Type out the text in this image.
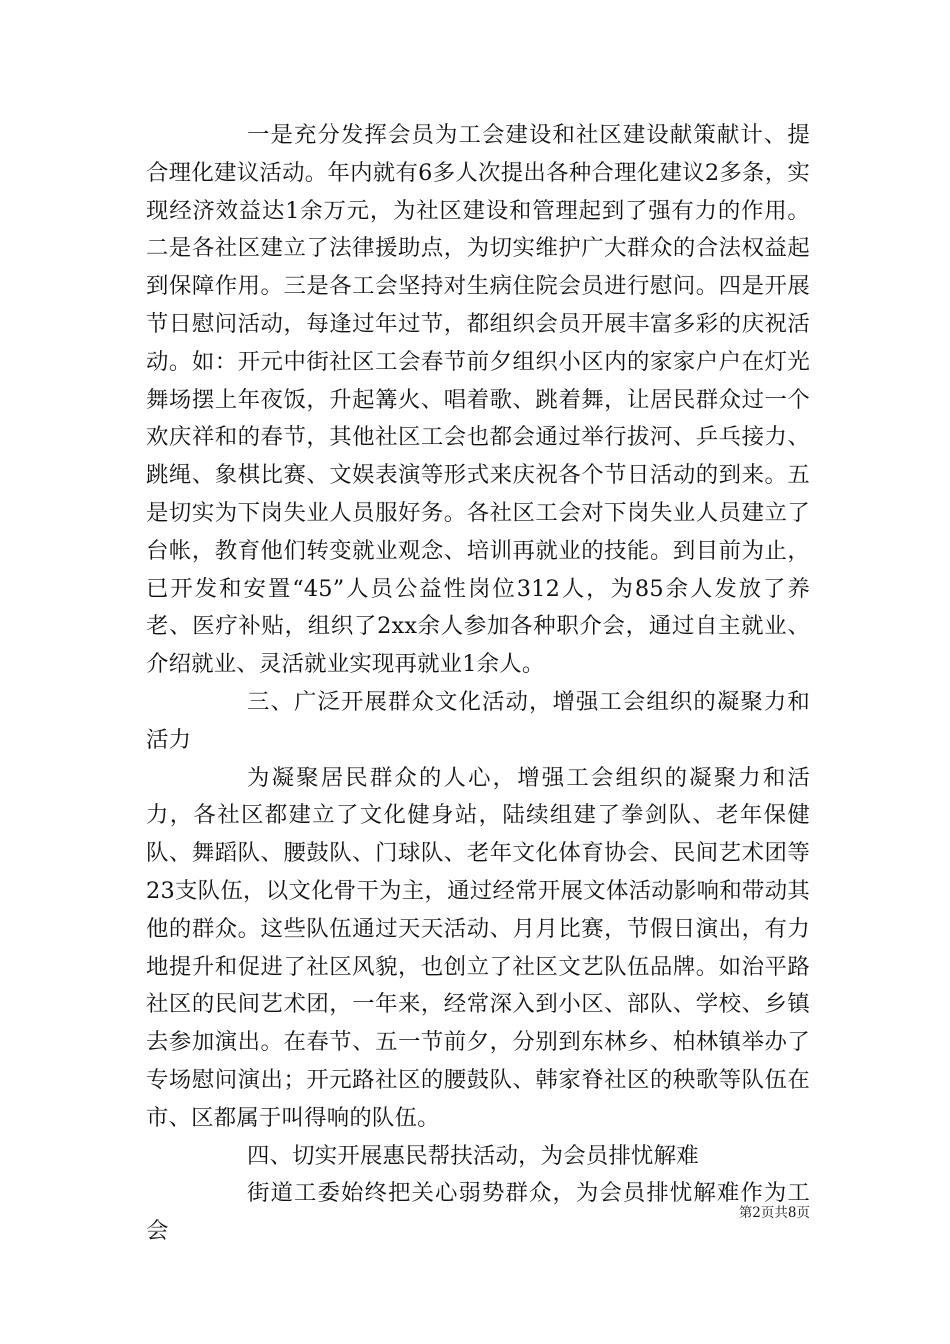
一是充分发挥会员为工会建设和社区建设献策献计、提合理化建议活动。年内就有6多人次提出各种合理化建议2多条，实现经济效益达1余万元，为社区建设和管理起到了强有力的作用。二是各社区建立了法律援助点，为切实维护广大群众的合法权益起到保障作用。三是各工会坚持对生病住院会员进行慰问。四是开展节日慰问活动，每逢过年过节，都组织会员开展丰富多彩的庆祝活动。如：开元中街社区工会春节前夕组织小区内的家家户户在灯光舞场摆上年夜饭，升起篝火、唱着歌、跳着舞，让居民群众过一个欢庆祥和的春节，其他社区工会也都会通过举行拔河、乒乓接力、跳绳、象棋比赛、文娱表演等形式来庆祝各个节日活动的到来。五是切实为下岗失业人员服好务。各社区工会对下岗失业人员建立了台帐，教育他们转变就业观念、培训再就业的技能。到目前为止，已开发和安置“45”人员公益性岗位312人，为85余人发放了养老、医疗补贴，组织了2xx余人参加各种职介会，通过自主就业、介绍就业、灵活就业实现再就业1余人。

三、广泛开展群众文化活动，增强工会组织的凝聚力和活力

为凝聚居民群众的人心，增强工会组织的凝聚力和活力，各社区都建立了文化健身站，陆续组建了拳剑队、老年保健队、舞蹈队、腰鼓队、门球队、老年文化体育协会、民间艺术团等23支队伍，以文化骨干为主，通过经常开展文体活动影响和带动其他的群众。这些队伍通过天天活动、月月比赛，节假日演出，有力地提升和促进了社区风貌，也创立了社区文艺队伍品牌。如治平路社区的民间艺术团，一年来，经常深入到小区、部队、学校、乡镇去参加演出。在春节、五一节前夕，分别到东林乡、柏林镇举办了专场慰问演出；开元路社区的腰鼓队、韩家脊社区的秧歌等队伍在市、区都属于叫得响的队伍。

四、切实开展惠民帮扶活动，为会员排忧解难

街道工委始终把关心弱势群众，为会员排忧解难作为工会

第2页共8页
